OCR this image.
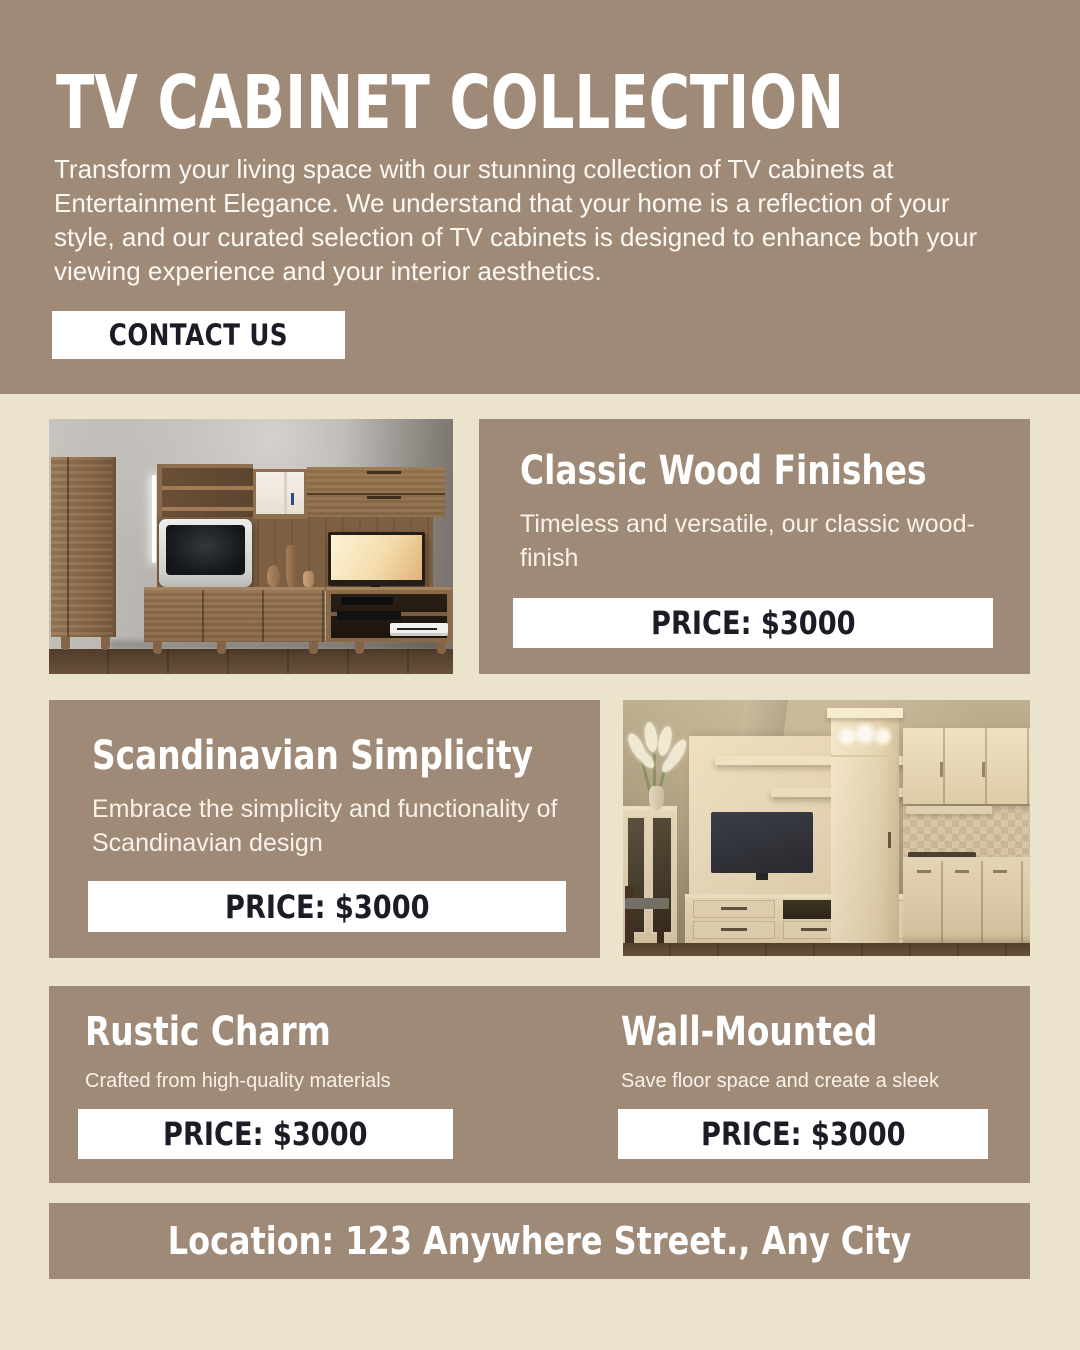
TV CABINET COLLECTION
Transform your living space with our stunning collection of TV cabinets at Entertainment Elegance. We understand that your home is a reflection of your style, and our curated selection of TV cabinets is designed to enhance both your viewing experience and your interior aesthetics.
CONTACT US
Classic Wood Finishes
Timeless and versatile, our classic wood-finish
PRICE: $3000
Scandinavian Simplicity
Embrace the simplicity and functionality of Scandinavian design
PRICE: $3000
Rustic Charm
Crafted from high-quality materials
PRICE: $3000
Wall-Mounted
Save floor space and create a sleek
PRICE: $3000
Location: 123 Anywhere Street., Any City
